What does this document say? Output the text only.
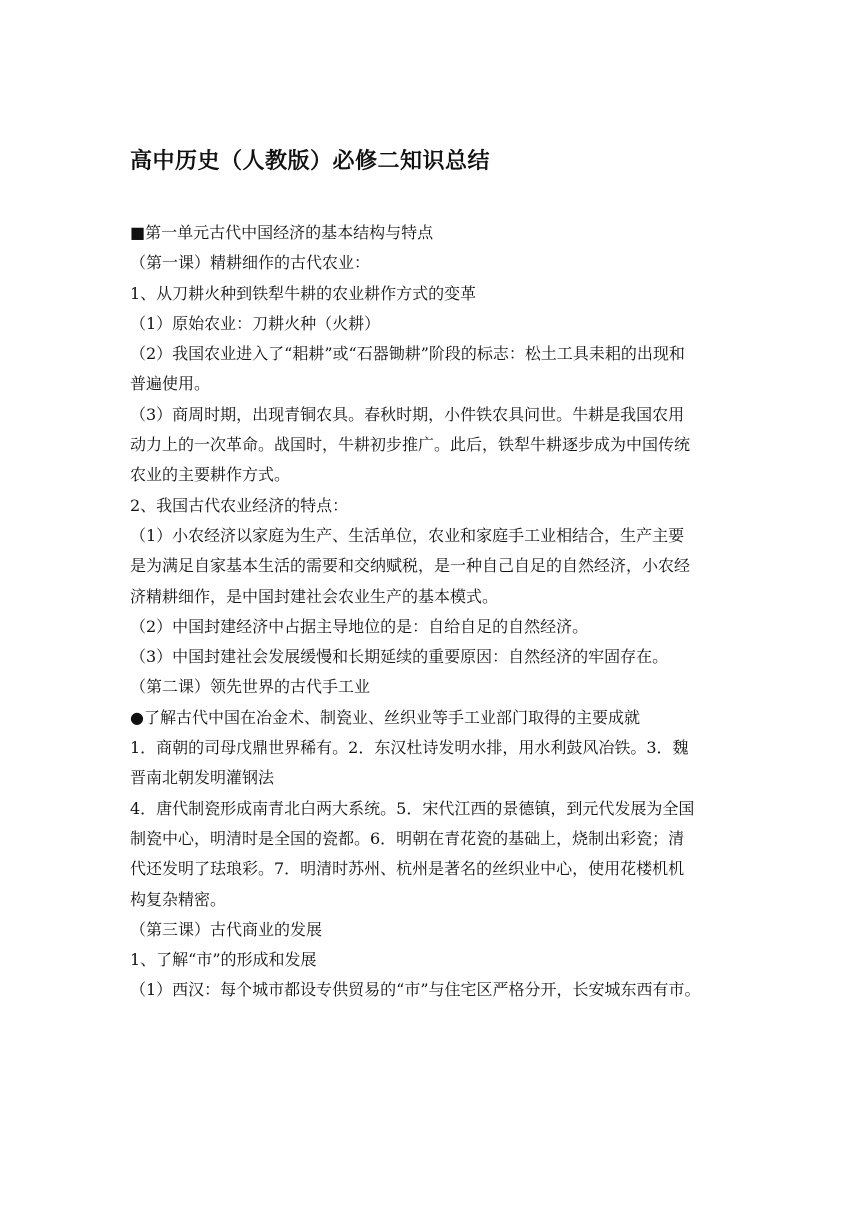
高中历史（人教版）必修二知识总结

■第一单元古代中国经济的基本结构与特点

（第一课）精耕细作的古代农业：

1、从刀耕火种到铁犁牛耕的农业耕作方式的变革

（1）原始农业：刀耕火种（火耕）

（2）我国农业进入了“耜耕”或“石器锄耕”阶段的标志：松土工具耒耜的出现和

普遍使用。

（3）商周时期，出现青铜农具。春秋时期，小件铁农具问世。牛耕是我国农用

动力上的一次革命。战国时，牛耕初步推广。此后，铁犁牛耕逐步成为中国传统

农业的主要耕作方式。

2、我国古代农业经济的特点：

（1）小农经济以家庭为生产、生活单位，农业和家庭手工业相结合，生产主要

是为满足自家基本生活的需要和交纳赋税，是一种自己自足的自然经济，小农经

济精耕细作，是中国封建社会农业生产的基本模式。

（2）中国封建经济中占据主导地位的是：自给自足的自然经济。

（3）中国封建社会发展缓慢和长期延续的重要原因：自然经济的牢固存在。

（第二课）领先世界的古代手工业

●了解古代中国在冶金术、制瓷业、丝织业等手工业部门取得的主要成就

1．商朝的司母戊鼎世界稀有。2．东汉杜诗发明水排，用水利鼓风冶铁。3．魏

晋南北朝发明灌钢法

4．唐代制瓷形成南青北白两大系统。5．宋代江西的景德镇，到元代发展为全国

制瓷中心，明清时是全国的瓷都。6．明朝在青花瓷的基础上，烧制出彩瓷；清

代还发明了珐琅彩。7．明清时苏州、杭州是著名的丝织业中心，使用花楼机机

构复杂精密。

（第三课）古代商业的发展

1、了解“市”的形成和发展

（1）西汉：每个城市都设专供贸易的“市”与住宅区严格分开，长安城东西有市。
